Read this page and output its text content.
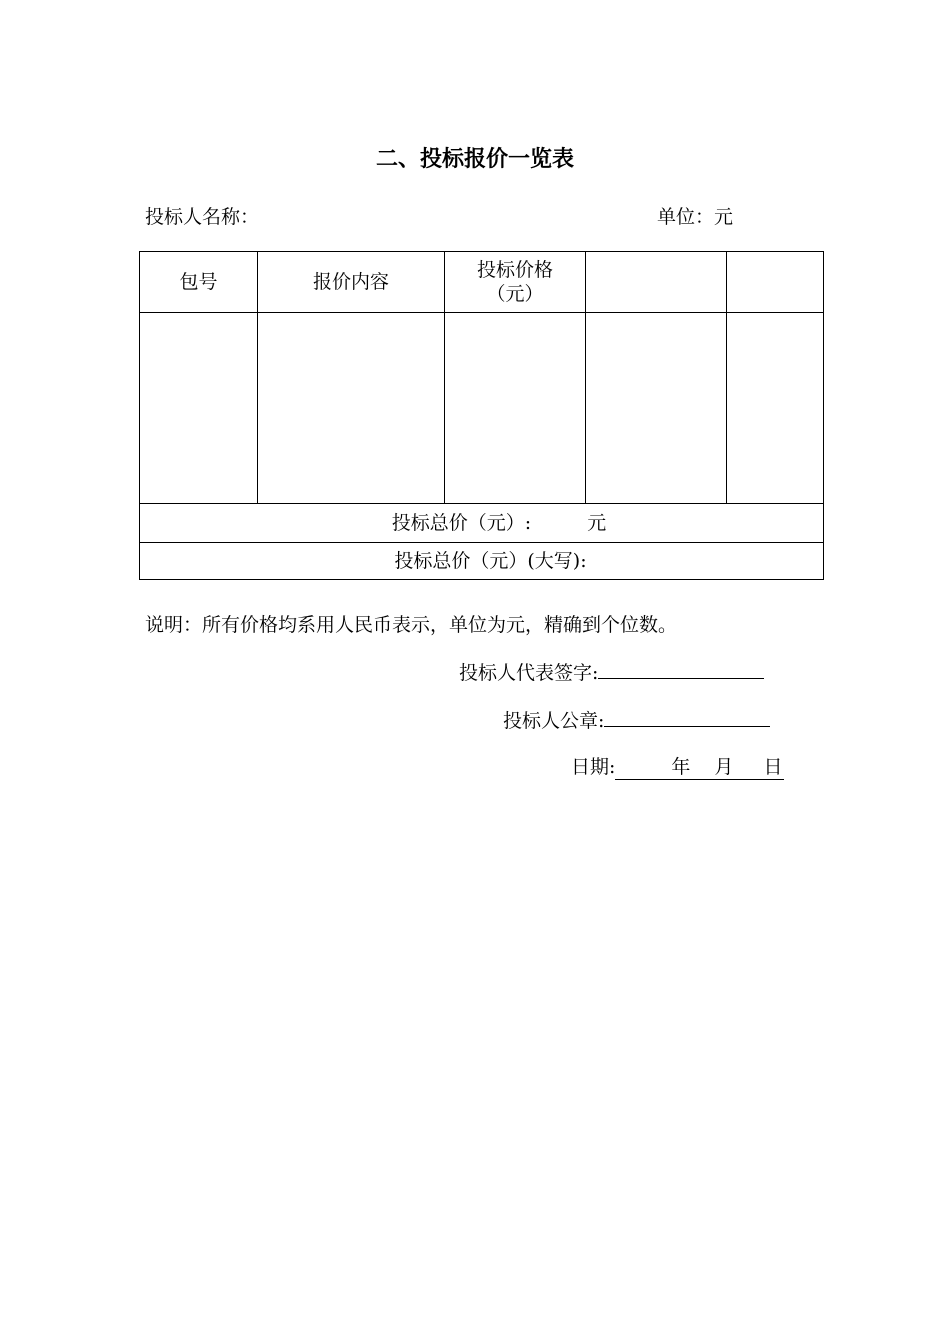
二、投标报价一览表
投标人名称：	单位：元
包号	报价内容	投标价格
（元）		

投标总价（元）: 元				

投标总价（元）(大写):				
说明：所有价格均系用人民币表示，单位为元，精确到个位数。
投标人代表签字:
投标人公章:
日期:	年 月 日
